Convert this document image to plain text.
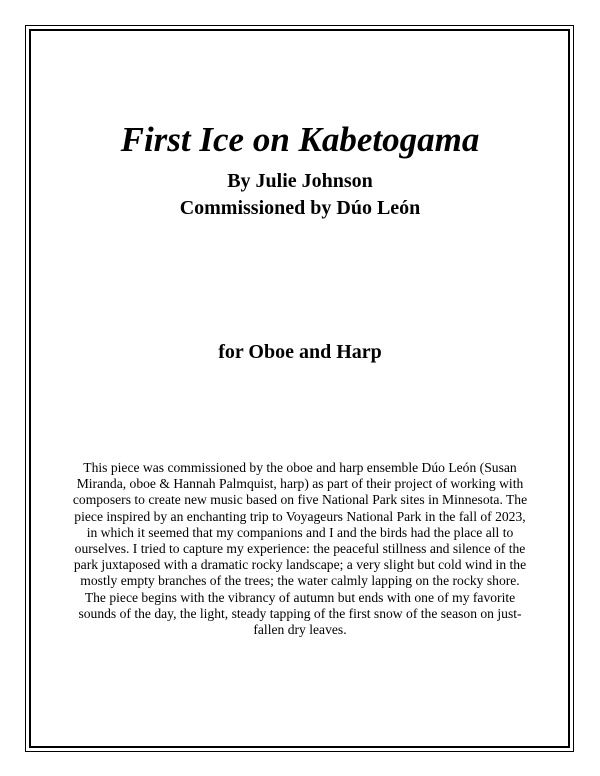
First Ice on Kabetogama
By Julie Johnson
Commissioned by Dúo León
for Oboe and Harp
This piece was commissioned by the oboe and harp ensemble Dúo León (Susan
Miranda, oboe & Hannah Palmquist, harp) as part of their project of working with
composers to create new music based on five National Park sites in Minnesota. The
piece inspired by an enchanting trip to Voyageurs National Park in the fall of 2023,
in which it seemed that my companions and I and the birds had the place all to
ourselves. I tried to capture my experience: the peaceful stillness and silence of the
park juxtaposed with a dramatic rocky landscape; a very slight but cold wind in the
mostly empty branches of the trees; the water calmly lapping on the rocky shore.
The piece begins with the vibrancy of autumn but ends with one of my favorite
sounds of the day, the light, steady tapping of the first snow of the season on just-
fallen dry leaves.
